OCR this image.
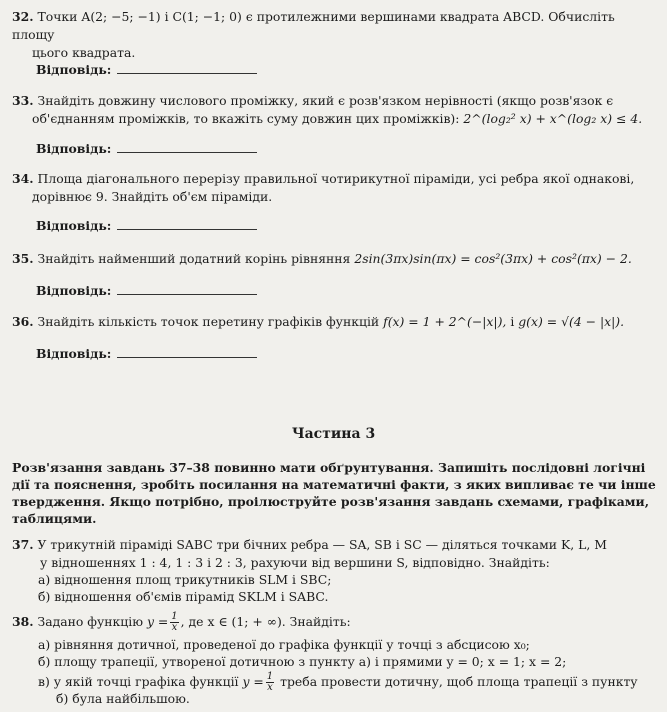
32. Точки A(2; −5; −1) і C(1; −1; 0) є протилежними вершинами квадрата ABCD. Обчисліть площу
цього квадрата.
Відповідь:
33. Знайдіть довжину числового проміжку, який є розв'язком нерівності (якщо розв'язок є
об'єднанням проміжків, то вкажіть суму довжин цих проміжків): 2^(log₂² x) + x^(log₂ x) ≤ 4.
Відповідь:
34. Площа діагонального перерізу правильної чотирикутної піраміди, усі ребра якої однакові,
дорівнює 9. Знайдіть об'єм піраміди.
Відповідь:
35. Знайдіть найменший додатний корінь рівняння 2sin(3πx)sin(πx) = cos²(3πx) + cos²(πx) − 2.
Відповідь:
36. Знайдіть кількість точок перетину графіків функцій f(x) = 1 + 2^(−|x|), і g(x) = √(4 − |x|).
Відповідь:
Частина 3
Розв'язання завдань 37–38 повинно мати обґрунтування. Запишіть послідовні логічні дії та пояснення, зробіть посилання на математичні факти, з яких випливає те чи інше твердження. Якщо потрібно, проілюструйте розв'язання завдань схемами, графіками, таблицями.
37. У трикутній піраміді SABC три бічних ребра — SA, SB і SC — діляться точками K, L, M
у відношеннях 1 : 4, 1 : 3 і 2 : 3, рахуючи від вершини S, відповідно. Знайдіть:
а) відношення площ трикутників SLM і SBC;
б) відношення об'ємів пірамід SKLM і SABC.
38. Задано функцію $y = \frac{1}{x}$ , де x ∈ (1; + ∞). Знайдіть:
а) рівняння дотичної, проведеної до графіка функції у точці з абсцисою x₀;
б) площу трапеції, утвореної дотичною з пункту а) і прямими y = 0; x = 1; x = 2;
в) у якій точці графіка функції $y = \frac{1}{x}$ треба провести дотичну, щоб площа трапеції з пункту
б) була найбільшою.
